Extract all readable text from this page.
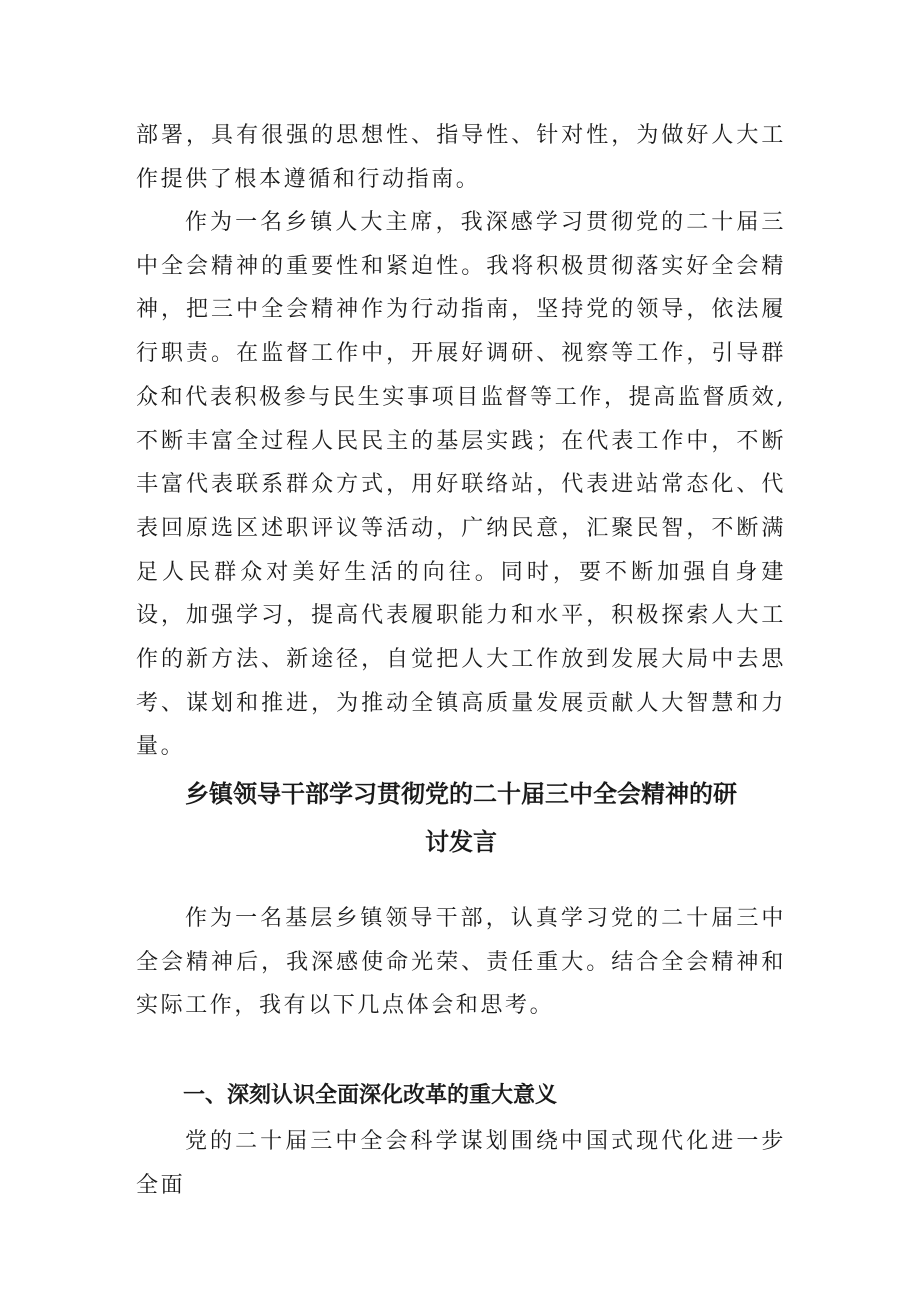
部署，具有很强的思想性、指导性、针对性，为做好人大工作提供了根本遵循和行动指南。

作为一名乡镇人大主席，我深感学习贯彻党的二十届三中全会精神的重要性和紧迫性。我将积极贯彻落实好全会精神，把三中全会精神作为行动指南，坚持党的领导，依法履行职责。在监督工作中，开展好调研、视察等工作，引导群众和代表积极参与民生实事项目监督等工作，提高监督质效,不断丰富全过程人民民主的基层实践；在代表工作中，不断丰富代表联系群众方式，用好联络站，代表进站常态化、代表回原选区述职评议等活动，广纳民意，汇聚民智，不断满足人民群众对美好生活的向往。同时，要不断加强自身建设，加强学习，提高代表履职能力和水平，积极探索人大工作的新方法、新途径，自觉把人大工作放到发展大局中去思考、谋划和推进，为推动全镇高质量发展贡献人大智慧和力量。

乡镇领导干部学习贯彻党的二十届三中全会精神的研
讨发言

作为一名基层乡镇领导干部，认真学习党的二十届三中全会精神后，我深感使命光荣、责任重大。结合全会精神和实际工作，我有以下几点体会和思考。

一、深刻认识全面深化改革的重大意义

党的二十届三中全会科学谋划围绕中国式现代化进一步全面
